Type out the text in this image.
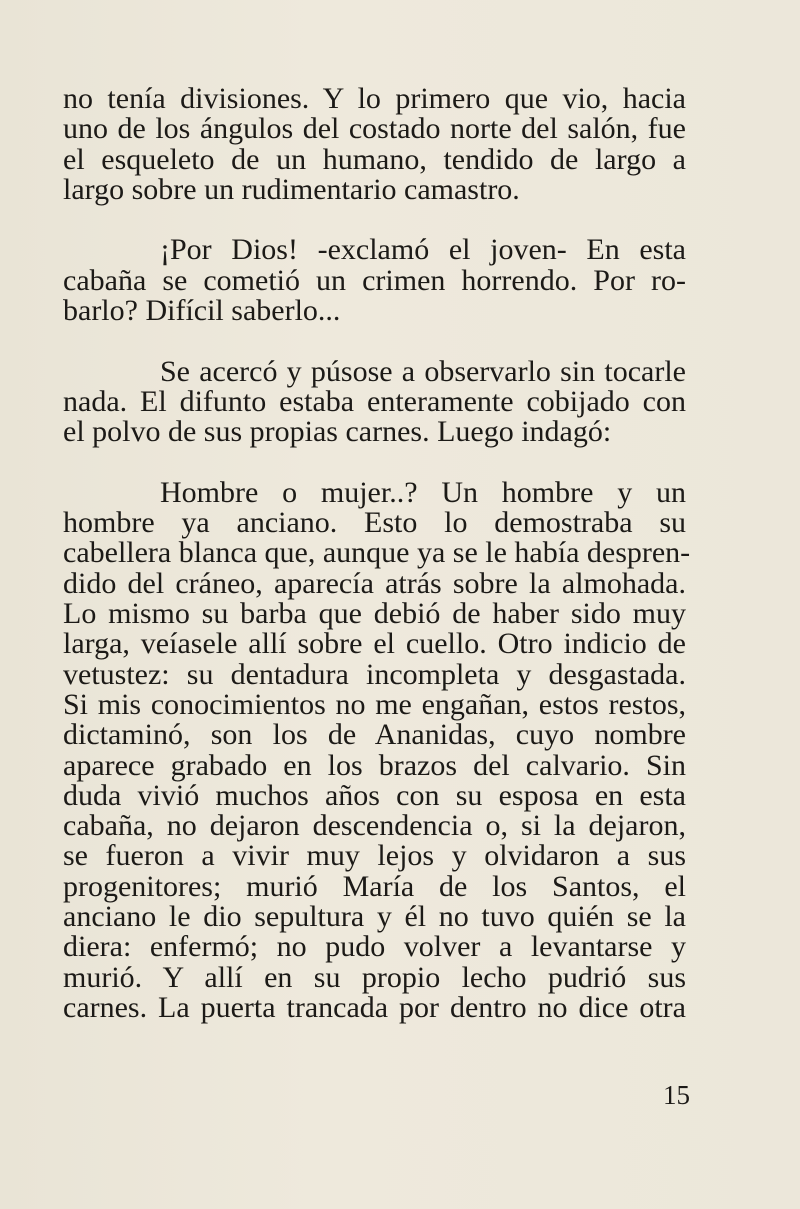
no tenía divisiones. Y lo primero que vio, hacia
uno de los ángulos del costado norte del salón, fue
el esqueleto de un humano, tendido de largo a
largo sobre un rudimentario camastro.
¡Por Dios! -exclamó el joven- En esta
cabaña se cometió un crimen horrendo. Por ro-
barlo? Difícil saberlo...
Se acercó y púsose a observarlo sin tocarle
nada. El difunto estaba enteramente cobijado con
el polvo de sus propias carnes. Luego indagó:
Hombre o mujer..? Un hombre y un
hombre ya anciano. Esto lo demostraba su
cabellera blanca que, aunque ya se le había despren-
dido del cráneo, aparecía atrás sobre la almohada.
Lo mismo su barba que debió de haber sido muy
larga, veíasele allí sobre el cuello. Otro indicio de
vetustez: su dentadura incompleta y desgastada.
Si mis conocimientos no me engañan, estos restos,
dictaminó, son los de Ananidas, cuyo nombre
aparece grabado en los brazos del calvario. Sin
duda vivió muchos años con su esposa en esta
cabaña, no dejaron descendencia o, si la dejaron,
se fueron a vivir muy lejos y olvidaron a sus
progenitores; murió María de los Santos, el
anciano le dio sepultura y él no tuvo quién se la
diera: enfermó; no pudo volver a levantarse y
murió. Y allí en su propio lecho pudrió sus
carnes. La puerta trancada por dentro no dice otra
15
